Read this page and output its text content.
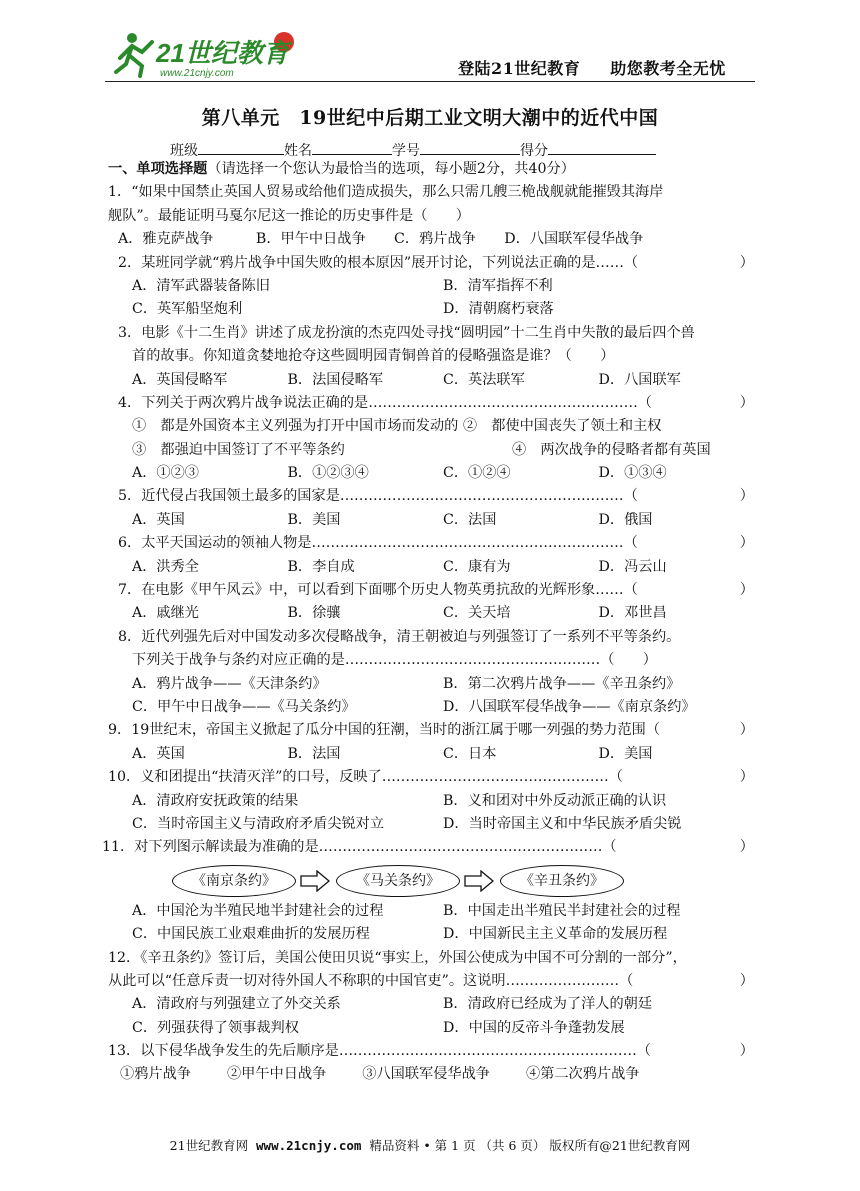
21世纪教育
www.21cnjy.com	登陆21世纪教育 助您教考全无忧
第八单元　19世纪中后期工业文明大潮中的近代中国
班级	姓名	学号	得分
一、单项选择题（请选择一个您认为最恰当的选项，每小题2分，共40分）
1．“如果中国禁止英国人贸易或给他们造成损失，那么只需几艘三桅战舰就能摧毁其海岸
舰队”。最能证明马戛尔尼这一推论的历史事件是（　　）
A．雅克萨战争　　　B．甲午中日战争　　C．鸦片战争　　D．八国联军侵华战争
2．某班同学就“鸦片战争中国失败的根本原因”展开讨论，下列说法正确的是……（	）
A．清军武器装备陈旧	B．清军指挥不利
C．英军船坚炮利	D．清朝腐朽衰落
3．电影《十二生肖》讲述了成龙扮演的杰克四处寻找“圆明园”十二生肖中失散的最后四个兽
首的故事。你知道贪婪地抢夺这些圆明园青铜兽首的侵略强盗是谁？（　　）
A．英国侵略军	B．法国侵略军	C．英法联军	D．八国联军
4．下列关于两次鸦片战争说法正确的是…………………………………………………（	）
①　都是外国资本主义列强为打开中国市场而发动的 ②　都使中国丧失了领土和主权
③　都强迫中国签订了不平等条约	④　两次战争的侵略者都有英国
A．①②③	B．①②③④	C．①②④	D．①③④
5．近代侵占我国领土最多的国家是……………………………………………………（	）
A．英国	B．美国	C．法国	D．俄国
6．太平天国运动的领袖人物是…………………………………………………………（	）
A．洪秀全	B．李自成	C．康有为	D．冯云山
7．在电影《甲午风云》中，可以看到下面哪个历史人物英勇抗敌的光辉形象……（	）
A．戚继光	B．徐骧	C．关天培	D．邓世昌
8．近代列强先后对中国发动多次侵略战争，清王朝被迫与列强签订了一系列不平等条约。
下列关于战争与条约对应正确的是………………………………………………（　　）
A．鸦片战争——《天津条约》	B．第二次鸦片战争——《辛丑条约》
C．甲午中日战争——《马关条约》	D．八国联军侵华战争——《南京条约》
9．19世纪末，帝国主义掀起了瓜分中国的狂潮，当时的浙江属于哪一列强的势力范围（	）
A．英国	B．法国	C．日本	D．美国
10．义和团提出“扶清灭洋”的口号，反映了…………………………………………（	）
A．清政府安抚政策的结果	B．义和团对中外反动派正确的认识
C．当时帝国主义与清政府矛盾尖锐对立	D．当时帝国主义和中华民族矛盾尖锐
11．对下列图示解读最为准确的是……………………………………………………（	）
《南京条约》	《马关条约》	《辛丑条约》
A．中国沦为半殖民地半封建社会的过程	B．中国走出半殖民半封建社会的过程
C．中国民族工业艰难曲折的发展历程	D．中国新民主主义革命的发展历程
12．《辛丑条约》签订后，美国公使田贝说“事实上，外国公使成为中国不可分割的一部分”，
从此可以“任意斥责一切对待外国人不称职的中国官吏”。这说明……………………（	）
A．清政府与列强建立了外交关系	B．清政府已经成为了洋人的朝廷
C．列强获得了领事裁判权	D．中国的反帝斗争蓬勃发展
13．以下侵华战争发生的先后顺序是………………………………………………………（	）
①鸦片战争	②甲午中日战争	③八国联军侵华战争	④第二次鸦片战争
21世纪教育网 www.21cnjy.com 精品资料 • 第 1 页 （共 6 页） 版权所有@21世纪教育网
